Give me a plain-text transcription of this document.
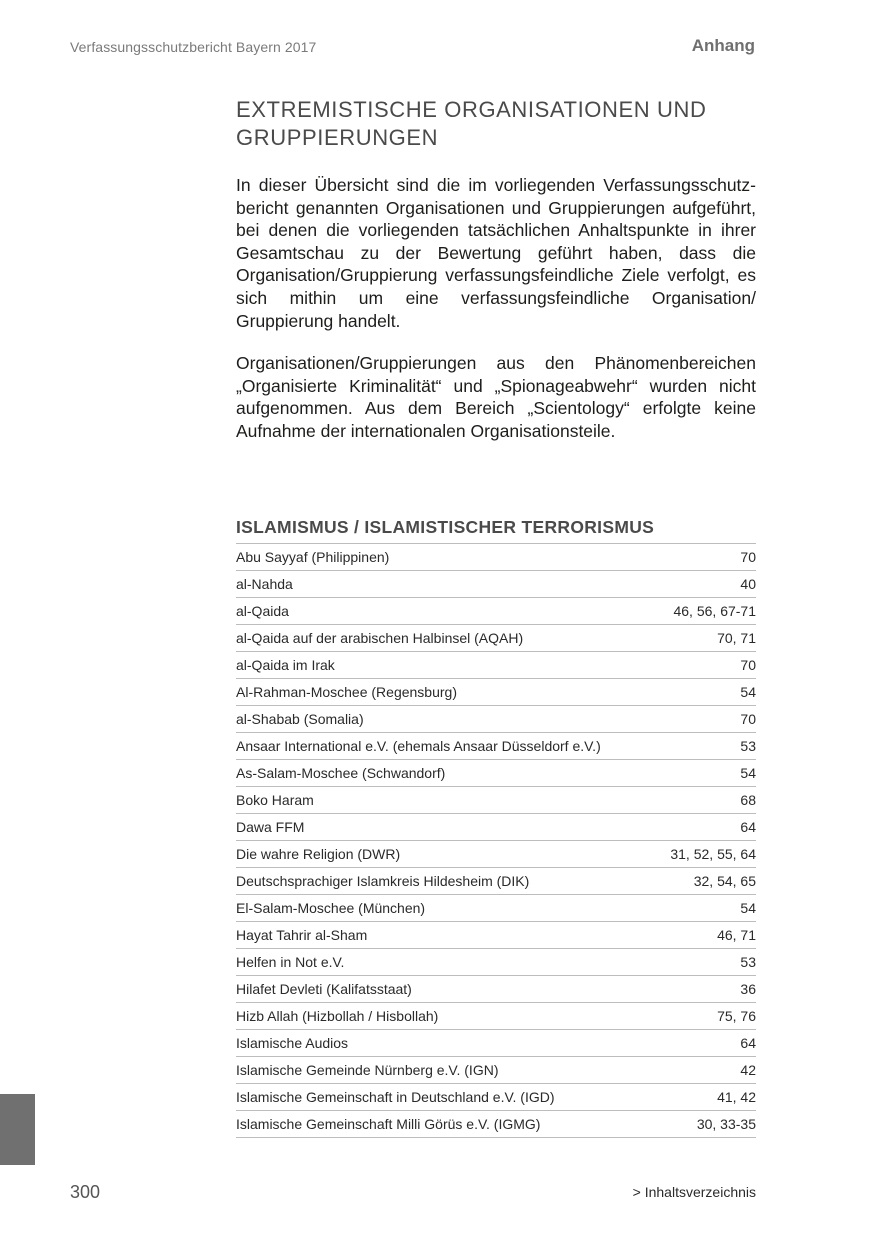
Verfassungsschutzbericht Bayern 2017	Anhang
EXTREMISTISCHE ORGANISATIONEN UND GRUPPIERUNGEN

In dieser Übersicht sind die im vorliegenden Verfassungsschutzbericht genannten Organisationen und Gruppierungen aufgeführt, bei denen die vorliegenden tatsächlichen Anhaltspunkte in ihrer Gesamtschau zu der Bewertung geführt haben, dass die Organisation/Gruppierung verfassungsfeindliche Ziele verfolgt, es sich mithin um eine verfassungsfeindliche Organisation/ Gruppierung handelt.

Organisationen/Gruppierungen aus den Phänomenbereichen „Organisierte Kriminalität“ und „Spionageabwehr“ wurden nicht aufgenommen. Aus dem Bereich „Scientology“ erfolgte keine Aufnahme der internationalen Organisationsteile.

ISLAMISMUS / ISLAMISTISCHER TERRORISMUS
Abu Sayyaf (Philippinen)	70
al-Nahda	40
al-Qaida	46, 56, 67-71
al-Qaida auf der arabischen Halbinsel (AQAH)	70, 71
al-Qaida im Irak	70
Al-Rahman-Moschee (Regensburg)	54
al-Shabab (Somalia)	70
Ansaar International e.V. (ehemals Ansaar Düsseldorf e.V.)	53
As-Salam-Moschee (Schwandorf)	54
Boko Haram	68
Dawa FFM	64
Die wahre Religion (DWR)	31, 52, 55, 64
Deutschsprachiger Islamkreis Hildesheim (DIK)	32, 54, 65
El-Salam-Moschee (München)	54
Hayat Tahrir al-Sham	46, 71
Helfen in Not e.V.	53
Hilafet Devleti (Kalifatsstaat)	36
Hizb Allah (Hizbollah / Hisbollah)	75, 76
Islamische Audios	64
Islamische Gemeinde Nürnberg e.V. (IGN)	42
Islamische Gemeinschaft in Deutschland e.V. (IGD)	41, 42
Islamische Gemeinschaft Milli Görüs e.V. (IGMG)	30, 33-35
300	> Inhaltsverzeichnis
